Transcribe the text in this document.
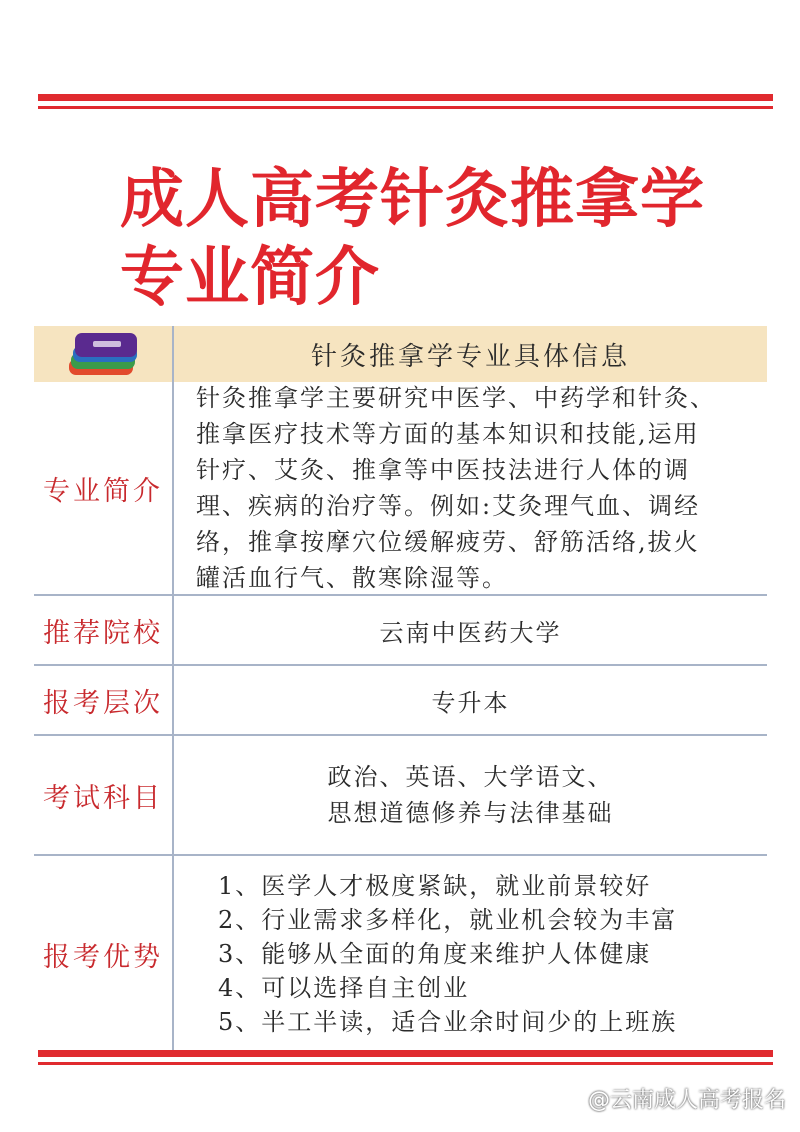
成人高考针灸推拿学
专业简介
针灸推拿学专业具体信息
专业简介
针灸推拿学主要研究中医学、中药学和针灸、
推拿医疗技术等方面的基本知识和技能,运用
针疗、艾灸、推拿等中医技法进行人体的调
理、疾病的治疗等。例如:艾灸理气血、调经
络，推拿按摩穴位缓解疲劳、舒筋活络,拔火
罐活血行气、散寒除湿等。
推荐院校	云南中医药大学
报考层次	专升本
考试科目
政治、英语、大学语文、
思想道德修养与法律基础
报考优势
1、医学人才极度紧缺，就业前景较好
2、行业需求多样化，就业机会较为丰富
3、能够从全面的角度来维护人体健康
4、可以选择自主创业
5、半工半读，适合业余时间少的上班族
@云南成人高考报名
